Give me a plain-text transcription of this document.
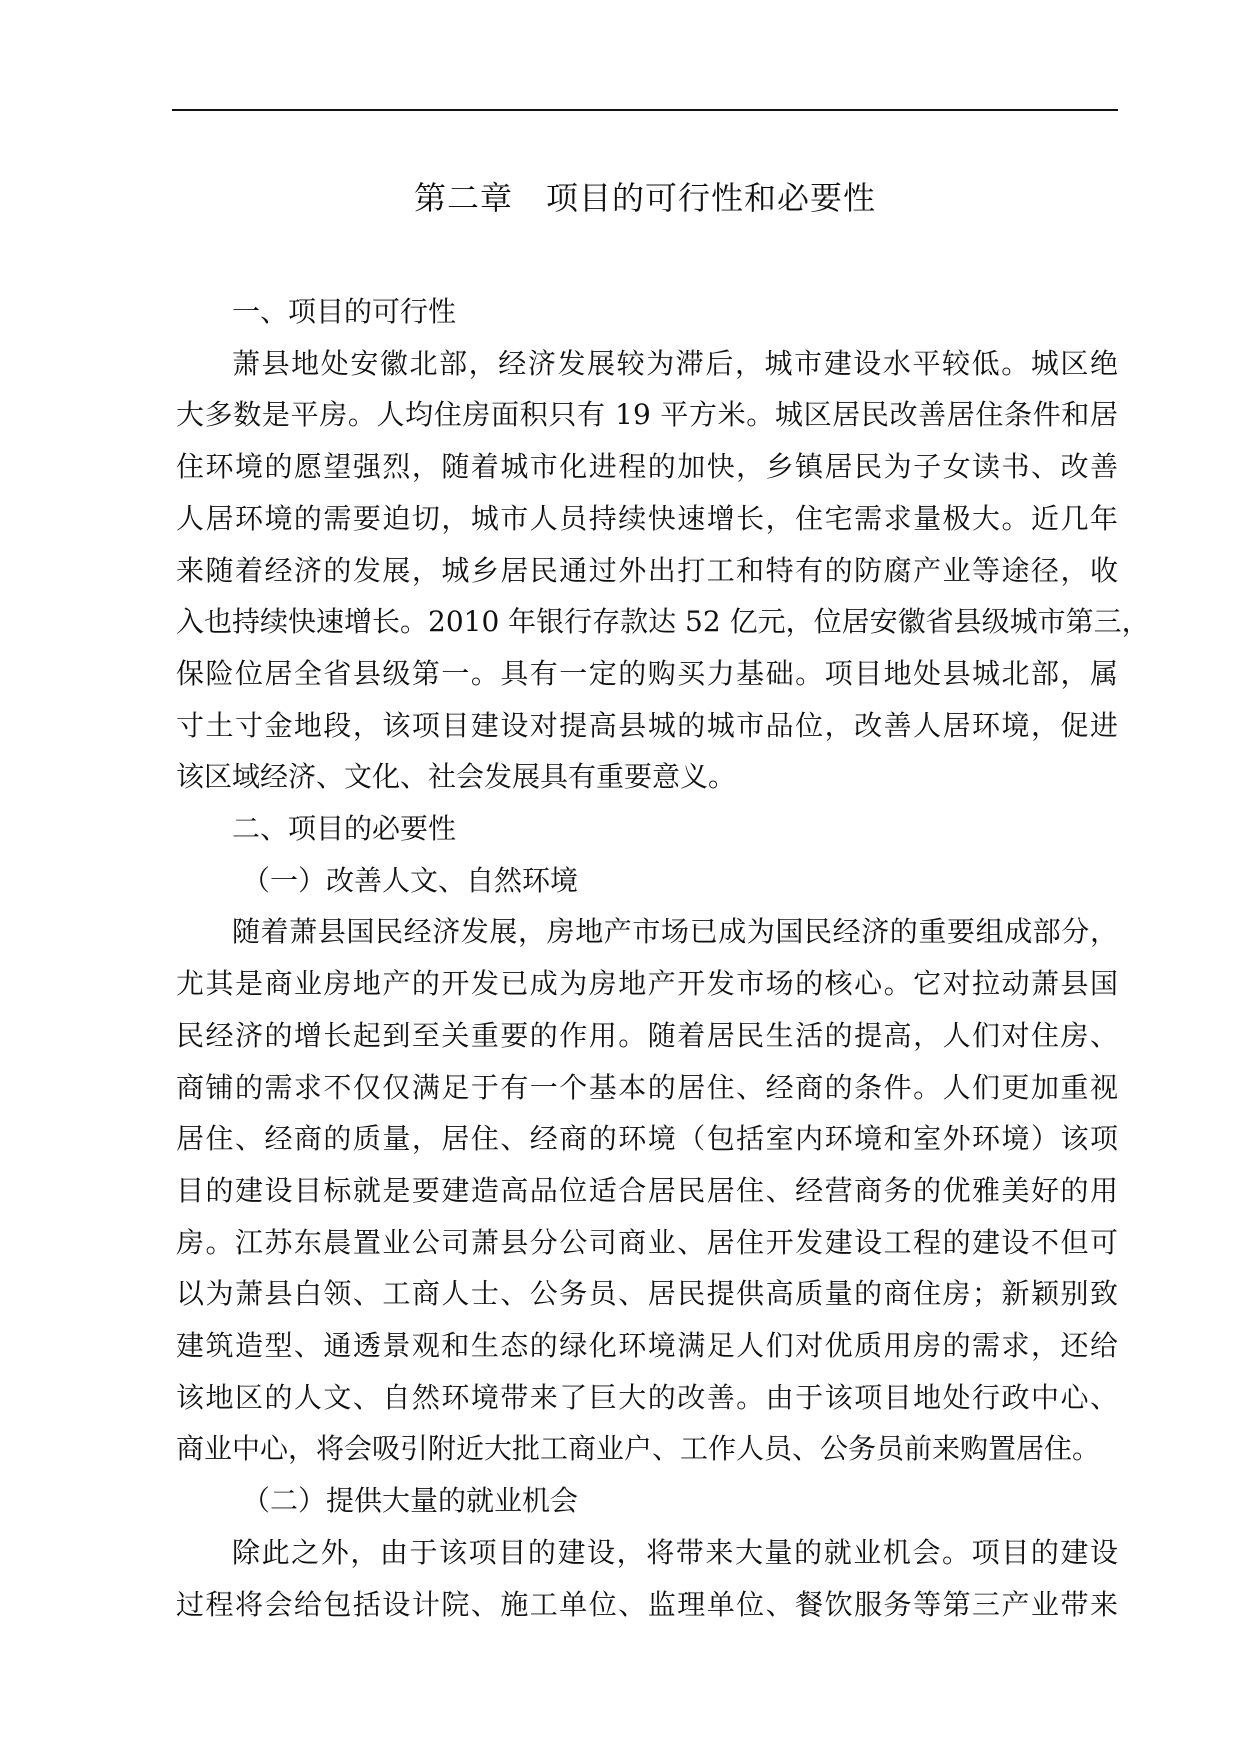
第二章　项目的可行性和必要性
一、项目的可行性
萧县地处安徽北部，经济发展较为滞后，城市建设水平较低。城区绝
大多数是平房。人均住房面积只有 19 平方米。城区居民改善居住条件和居
住环境的愿望强烈，随着城市化进程的加快，乡镇居民为子女读书、改善
人居环境的需要迫切，城市人员持续快速增长，住宅需求量极大。近几年
来随着经济的发展，城乡居民通过外出打工和特有的防腐产业等途径，收
入也持续快速增长。2010 年银行存款达 52 亿元，位居安徽省县级城市第三，
保险位居全省县级第一。具有一定的购买力基础。项目地处县城北部，属
寸土寸金地段，该项目建设对提高县城的城市品位，改善人居环境，促进
该区域经济、文化、社会发展具有重要意义。
二、项目的必要性
（一）改善人文、自然环境
随着萧县国民经济发展，房地产市场已成为国民经济的重要组成部分，
尤其是商业房地产的开发已成为房地产开发市场的核心。它对拉动萧县国
民经济的增长起到至关重要的作用。随着居民生活的提高，人们对住房、
商铺的需求不仅仅满足于有一个基本的居住、经商的条件。人们更加重视
居住、经商的质量，居住、经商的环境（包括室内环境和室外环境）该项
目的建设目标就是要建造高品位适合居民居住、经营商务的优雅美好的用
房。江苏东晨置业公司萧县分公司商业、居住开发建设工程的建设不但可
以为萧县白领、工商人士、公务员、居民提供高质量的商住房；新颖别致
建筑造型、通透景观和生态的绿化环境满足人们对优质用房的需求，还给
该地区的人文、自然环境带来了巨大的改善。由于该项目地处行政中心、
商业中心，将会吸引附近大批工商业户、工作人员、公务员前来购置居住。
（二）提供大量的就业机会
除此之外，由于该项目的建设，将带来大量的就业机会。项目的建设
过程将会给包括设计院、施工单位、监理单位、餐饮服务等第三产业带来
